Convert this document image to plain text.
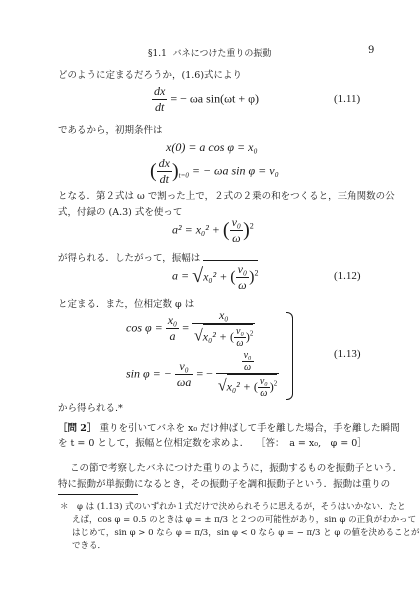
§1.1 バネにつけた重りの振動	9
どのように定まるだろうか，(1.6)式により
$\frac{dx}{dt}$ = − ωa sin(ωt + φ)	(1.11)
であるから，初期条件は
x(0) = a cos φ = x₀
( $\frac{dx}{dt} )_{t=0}$ = − ωa sin φ = v₀
となる．第２式は ω で割った上で，２式の２乗の和をつくると，三角関数の公
式，付録の (A.3) 式を使って
a² = x₀² + ( $\frac{\text{v₀}}{\omega} )^2$
が得られる．したがって，振幅は
a = √x₀² + ( $\frac{\text{v₀}}{\omega} )^2$	(1.12)
と定まる．また，位相定数 φ は
$\cos \varphi = \frac{\text{x₀}}{a} = \frac{\text{x₀}}{√x_0^2 + ( \frac{\text{v₀}}{\omega} )^2}$
sin φ = − $\frac{\text{v₀}}{\omega a}$ = − $\frac{\frac{\text{v₀}}{\omega}}{√x_0^2 + ( \frac{\text{v₀}}{\omega} )^2}$	(1.13)
から得られる.*
［問 2］ 重りを引いてバネを x₀ だけ伸ばして手を離した場合，手を離した瞬間
を t = 0 として，振幅と位相定数を求めよ． ［答：　a = x₀,　φ = 0］
この節で考察したバネにつけた重りのように，振動するものを振動子という．
特に振動が単振動になるとき，その振動子を調和振動子という．振動は重りの
＊　φ は (1.13) 式のいずれか１式だけで決められそうに思えるが，そうはいかない．たと
えば，cos φ = 0.5 のときは φ = ± π/3 と２つの可能性があり，sin φ の正負がわかって
はじめて，sin φ > 0 なら φ = π/3，sin φ < 0 なら φ = − π/3 と φ の値を決めることが
できる．
